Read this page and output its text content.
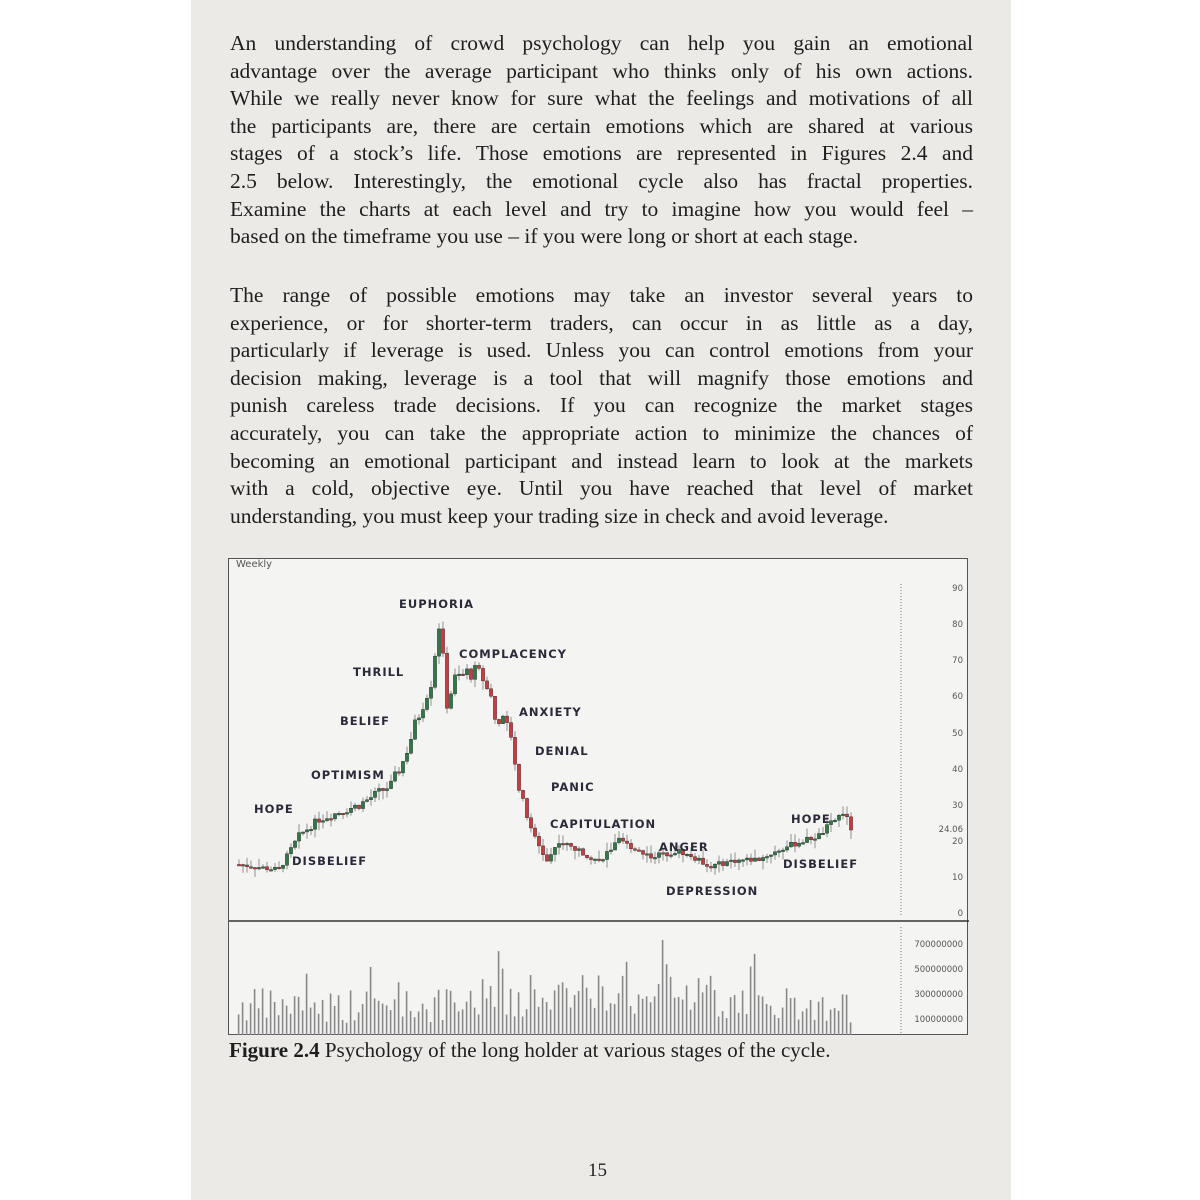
An understanding of crowd psychology can help you gain an emotional
advantage over the average participant who thinks only of his own actions.
While we really never know for sure what the feelings and motivations of all
the participants are, there are certain emotions which are shared at various
stages of a stock’s life. Those emotions are represented in Figures 2.4 and
2.5 below. Interestingly, the emotional cycle also has fractal properties.
Examine the charts at each level and try to imagine how you would feel –
based on the timeframe you use – if you were long or short at each stage.
The range of possible emotions may take an investor several years to
experience, or for shorter-term traders, can occur in as little as a day,
particularly if leverage is used. Unless you can control emotions from your
decision making, leverage is a tool that will magnify those emotions and
punish careless trade decisions. If you can recognize the market stages
accurately, you can take the appropriate action to minimize the chances of
becoming an emotional participant and instead learn to look at the markets
with a cold, objective eye. Until you have reached that level of market
understanding, you must keep your trading size in check and avoid leverage.
Weekly
HOPE
DISBELIEF
OPTIMISM
BELIEF
THRILL
EUPHORIA
COMPLACENCY
ANXIETY
DENIAL
PANIC
CAPITULATION
ANGER
DEPRESSION
DISBELIEF
HOPE
90
80
70
60
50
40
30
20
10
0
24.06
700000000
500000000
300000000
100000000
Figure 2.4 Psychology of the long holder at various stages of the cycle.
15
